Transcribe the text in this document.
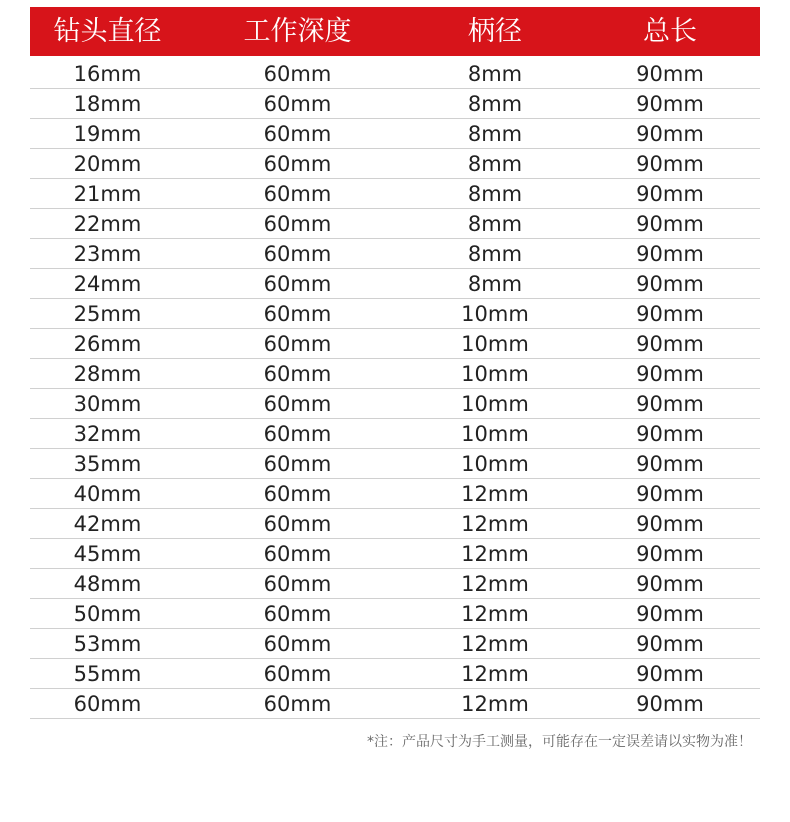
钻头直径	工作深度	柄径	总长
16mm	60mm	8mm	90mm
18mm	60mm	8mm	90mm
19mm	60mm	8mm	90mm
20mm	60mm	8mm	90mm
21mm	60mm	8mm	90mm
22mm	60mm	8mm	90mm
23mm	60mm	8mm	90mm
24mm	60mm	8mm	90mm
25mm	60mm	10mm	90mm
26mm	60mm	10mm	90mm
28mm	60mm	10mm	90mm
30mm	60mm	10mm	90mm
32mm	60mm	10mm	90mm
35mm	60mm	10mm	90mm
40mm	60mm	12mm	90mm
42mm	60mm	12mm	90mm
45mm	60mm	12mm	90mm
48mm	60mm	12mm	90mm
50mm	60mm	12mm	90mm
53mm	60mm	12mm	90mm
55mm	60mm	12mm	90mm
60mm	60mm	12mm	90mm
*注：产品尺寸为手工测量，可能存在一定误差请以实物为准！
